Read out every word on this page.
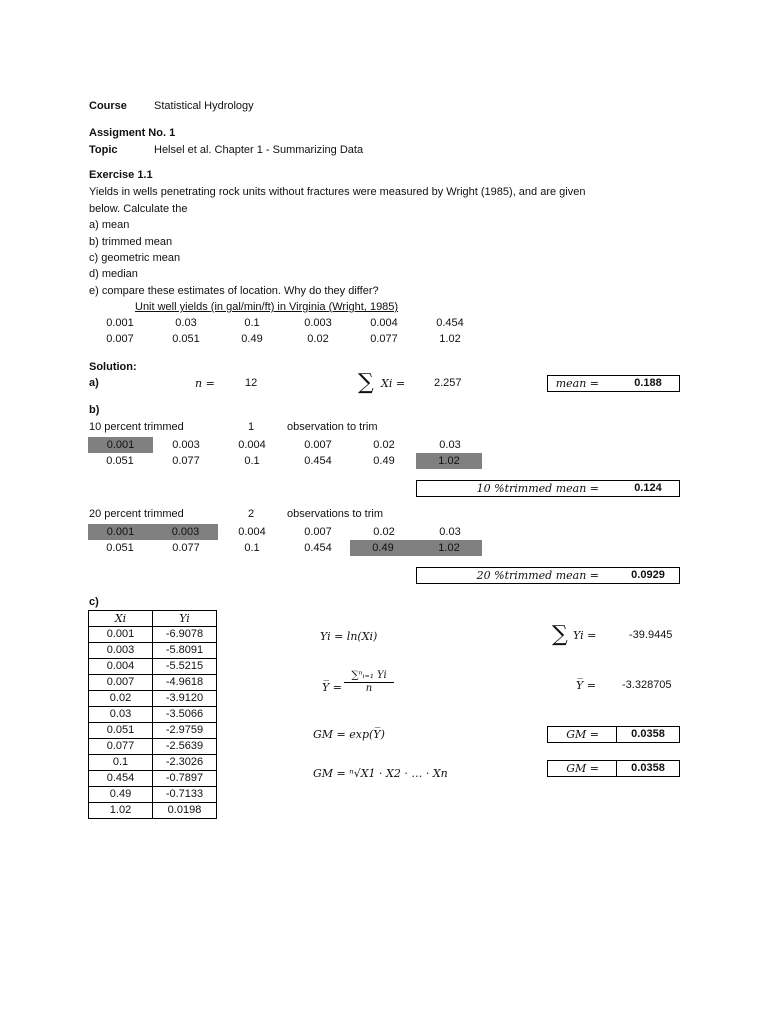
Course Statistical Hydrology
Assigment No. 1
Topic	Helsel et al. Chapter 1 - Summarizing Data
Exercise 1.1
Yields in wells penetrating rock units without fractures were measured by Wright (1985), and are given
below. Calculate the
a) mean
b) trimmed mean
c) geometric mean
d) median
e) compare these estimates of location. Why do they differ?
Unit well yields (in gal/min/ft) in Virginia (Wright, 1985)
0.001	0.03	0.1	0.003	0.004	0.454
0.007	0.051	0.49	0.02	0.077	1.02
Solution:
a)	n =	12	∑ Xi =	2.257	mean =	0.188
b)
10 percent trimmed	1	observation to trim
0.001	0.003	0.004	0.007	0.02	0.03
0.051	0.077	0.1	0.454	0.49	1.02
10 %trimmed mean =	0.124
20 percent trimmed	2	observations to trim
0.001	0.003	0.004	0.007	0.02	0.03
0.051	0.077	0.1	0.454	0.49	1.02
20 %trimmed mean =	0.0929
c)
Xi	Yi
0.001	-6.9078
0.003	-5.8091
0.004	-5.5215
0.007	-4.9618
0.02	-3.9120
0.03	-3.5066
0.051	-2.9759
0.077	-2.5639
0.1	-2.3026
0.454	-0.7897
0.49	-0.7133
1.02	0.0198
Yi = ln(Xi)	∑ Yi =	-39.9445
Y̅ = $\frac{\text{∑ⁿᵢ₌₁ Yi}}{n}$	Y̅ = -3.328705
GM = exp(Y̅)	GM =	0.0358
GM = ⁿ√X1 · X2 · … · Xn	GM =	0.0358
